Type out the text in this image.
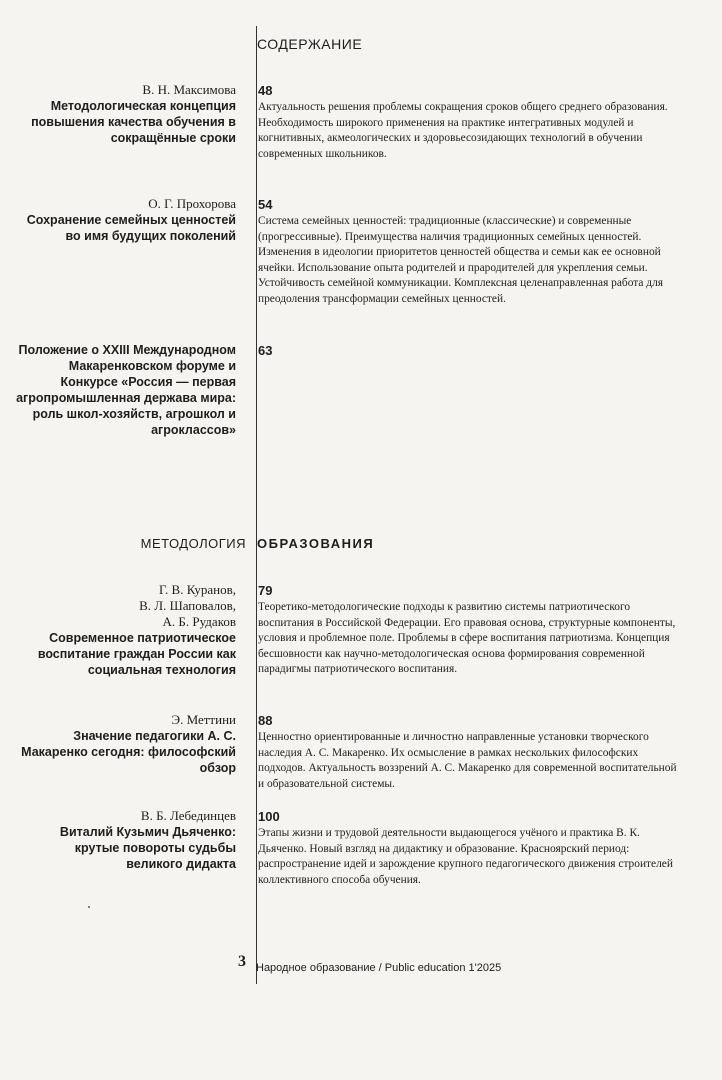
СОДЕРЖАНИЕ
В. Н. Максимова
Методологическая концепция повышения качества обучения в сокращённые сроки
48
Актуальность решения проблемы сокращения сроков общего среднего образования. Необходимость широкого применения на практике интегративных модулей и когнитивных, акмеологических и здоровьесозидающих технологий в обучении современных школьников.
О. Г. Прохорова
Сохранение семейных ценностей во имя будущих поколений
54
Система семейных ценностей: традиционные (классические) и современные (прогрессивные). Преимущества наличия традиционных семейных ценностей. Изменения в идеологии приоритетов ценностей общества и семьи как ее основной ячейки. Использование опыта родителей и прародителей для укрепления семьи. Устойчивость семейной коммуникации. Комплексная целенаправленная работа для преодоления трансформации семейных ценностей.
Положение о XXIII Международном Макаренковском форуме и Конкурсе «Россия — первая агропромышленная держава мира: роль школ-хозяйств, агрошкол и агроклассов»
63
МЕТОДОЛОГИЯ ОБРАЗОВАНИЯ
Г. В. Куранов,
В. Л. Шаповалов,
А. Б. Рудаков
Современное патриотическое воспитание граждан России как социальная технология
79
Теоретико-методологические подходы к развитию системы патриотического воспитания в Российской Федерации. Его правовая основа, структурные компоненты, условия и проблемное поле. Проблемы в сфере воспитания патриотизма. Концепция бесшовности как научно-методологическая основа формирования современной парадигмы патриотического воспитания.
Э. Меттини
Значение педагогики А. С. Макаренко сегодня: философский обзор
88
Ценностно ориентированные и личностно направленные установки творческого наследия А. С. Макаренко. Их осмысление в рамках нескольких философских подходов. Актуальность воззрений А. С. Макаренко для современной воспитательной и образовательной системы.
В. Б. Лебединцев
Виталий Кузьмич Дьяченко: крутые повороты судьбы великого дидакта
100
Этапы жизни и трудовой деятельности выдающегося учёного и практика В. К. Дьяченко. Новый взгляд на дидактику и образование. Красноярский период: распространение идей и зарождение крупного педагогического движения строителей коллективного способа обучения.
3 Народное образование / Public education 1'2025
